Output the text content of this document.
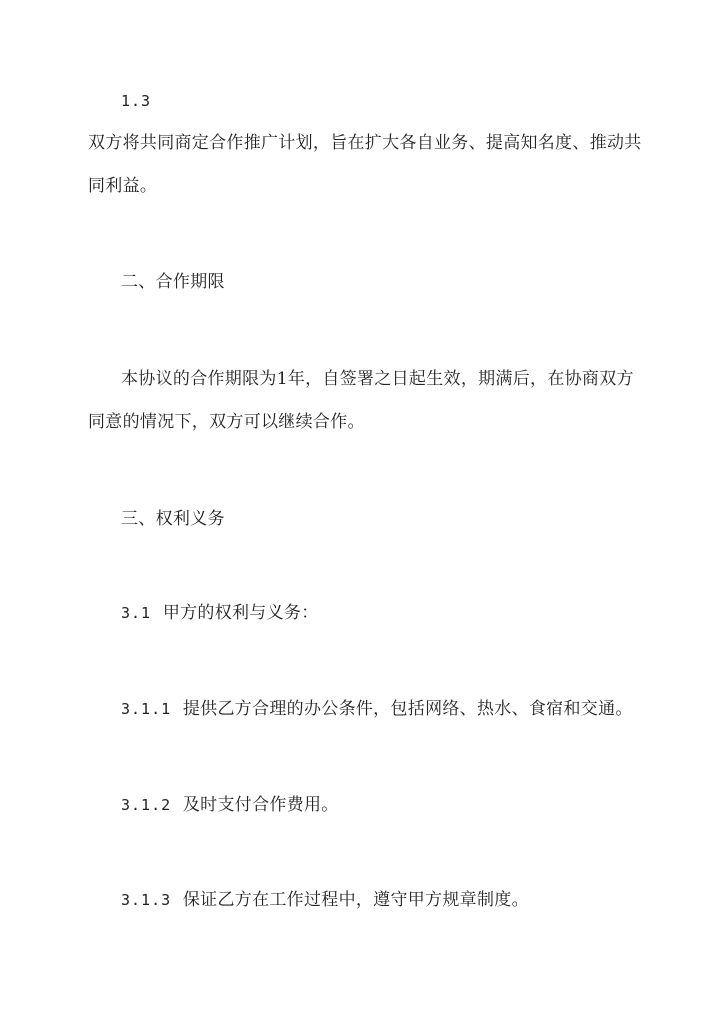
1.3
双方将共同商定合作推广计划，旨在扩大各自业务、提高知名度、推动共
同利益。
二、合作期限
本协议的合作期限为1年，自签署之日起生效，期满后，在协商双方
同意的情况下，双方可以继续合作。
三、权利义务
3.1 甲方的权利与义务：
3.1.1 提供乙方合理的办公条件，包括网络、热水、食宿和交通。
3.1.2 及时支付合作费用。
3.1.3 保证乙方在工作过程中，遵守甲方规章制度。
